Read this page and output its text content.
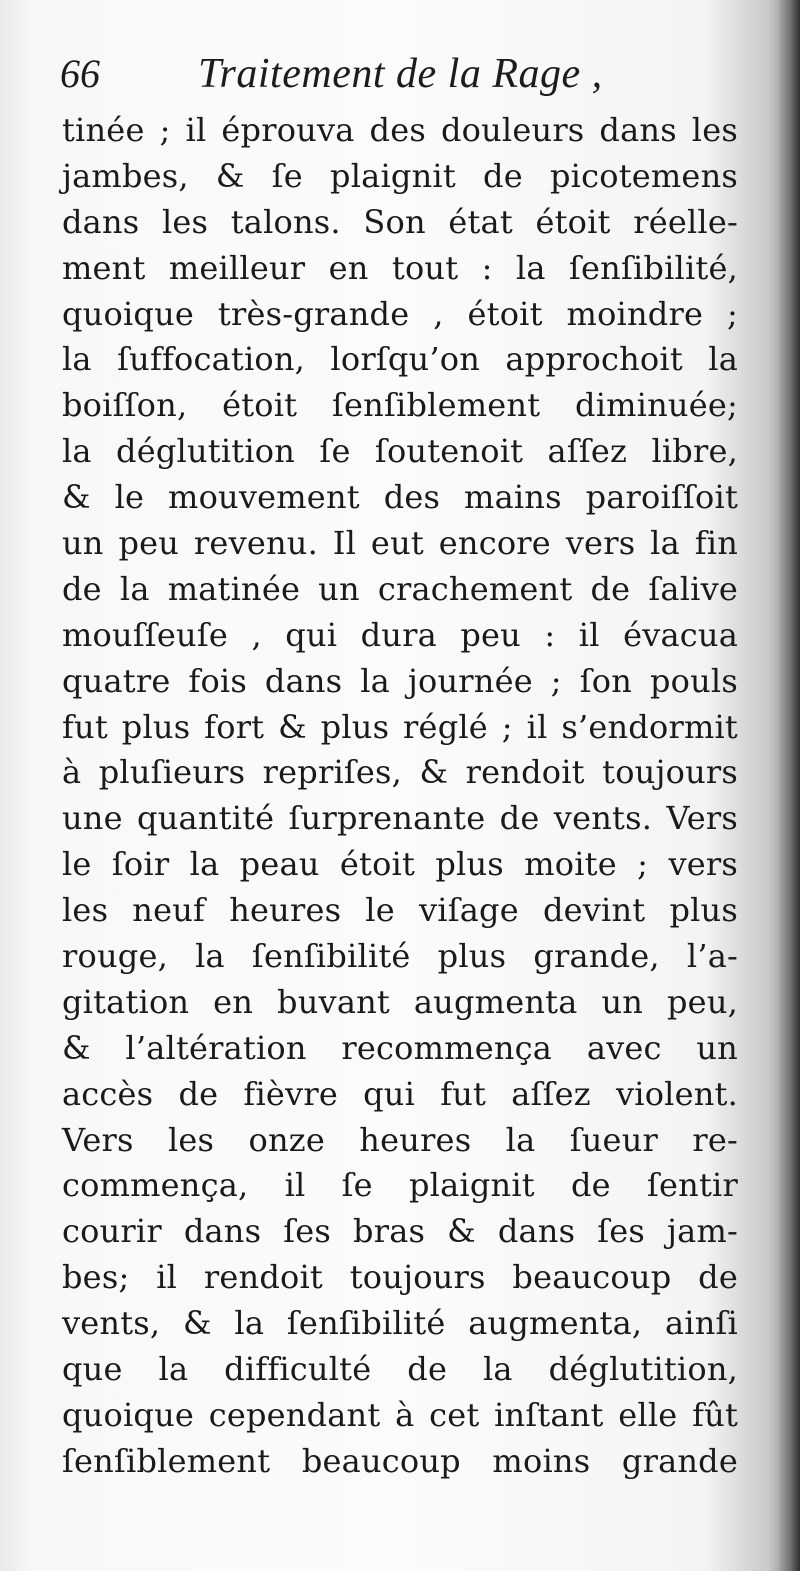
66 Traitement de la Rage ,
tinée ; il éprouva des douleurs dans les
jambes, & ſe plaignit de picotemens
dans les talons. Son état étoit réelle-
ment meilleur en tout : la ſenſibilité,
quoique très-grande , étoit moindre ;
la ſuffocation, lorſqu’on approchoit la
boiſſon, étoit ſenſiblement diminuée;
la déglutition ſe ſoutenoit aſſez libre,
& le mouvement des mains paroiſſoit
un peu revenu. Il eut encore vers la fin
de la matinée un crachement de ſalive
mouſſeuſe , qui dura peu : il évacua
quatre fois dans la journée ; ſon pouls
fut plus fort & plus réglé ; il s’endormit
à pluſieurs repriſes, & rendoit toujours
une quantité ſurprenante de vents. Vers
le ſoir la peau étoit plus moite ; vers
les neuf heures le viſage devint plus
rouge, la ſenſibilité plus grande, l’a-
gitation en buvant augmenta un peu,
& l’altération recommença avec un
accès de fièvre qui fut aſſez violent.
Vers les onze heures la ſueur re-
commença, il ſe plaignit de ſentir
courir dans ſes bras & dans ſes jam-
bes; il rendoit toujours beaucoup de
vents, & la ſenſibilité augmenta, ainſi
que la difficulté de la déglutition,
quoique cependant à cet inſtant elle fût
ſenſiblement beaucoup moins grande
